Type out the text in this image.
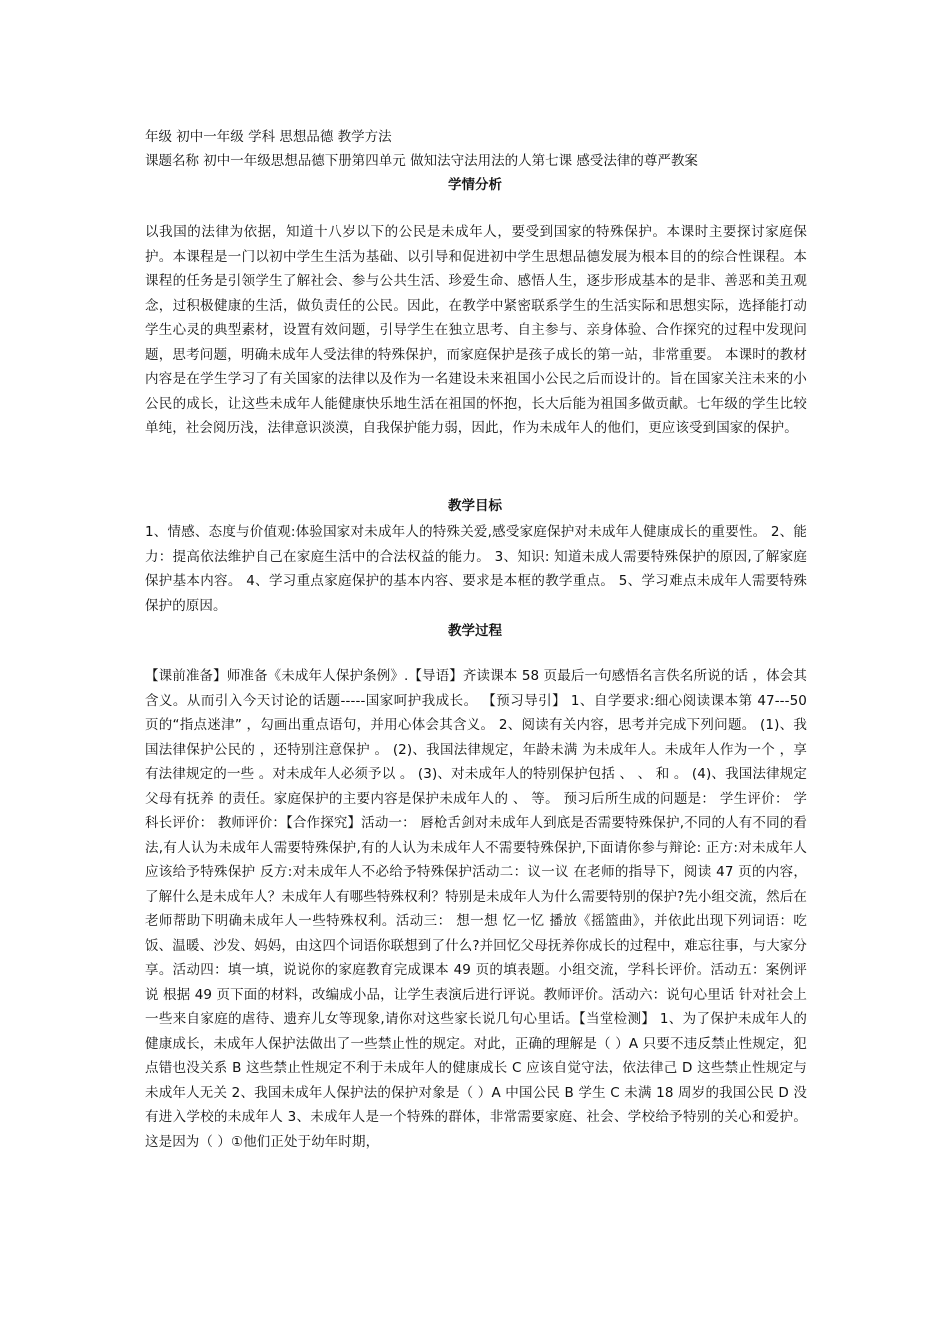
年级 初中一年级 学科 思想品德 教学方法
课题名称 初中一年级思想品德下册第四单元 做知法守法用法的人第七课 感受法律的尊严教案
学情分析
以我国的法律为依据，知道十八岁以下的公民是未成年人，要受到国家的特殊保护。本课时主要探讨家庭保护。本课程是一门以初中学生生活为基础、以引导和促进初中学生思想品德发展为根本目的的综合性课程。本课程的任务是引领学生了解社会、参与公共生活、珍爱生命、感悟人生，逐步形成基本的是非、善恶和美丑观念，过积极健康的生活，做负责任的公民。因此，在教学中紧密联系学生的生活实际和思想实际，选择能打动学生心灵的典型素材，设置有效问题，引导学生在独立思考、自主参与、亲身体验、合作探究的过程中发现问题，思考问题，明确未成年人受法律的特殊保护，而家庭保护是孩子成长的第一站，非常重要。 本课时的教材内容是在学生学习了有关国家的法律以及作为一名建设未来祖国小公民之后而设计的。旨在国家关注未来的小公民的成长，让这些未成年人能健康快乐地生活在祖国的怀抱，长大后能为祖国多做贡献。七年级的学生比较单纯，社会阅历浅，法律意识淡漠，自我保护能力弱，因此，作为未成年人的他们，更应该受到国家的保护。
教学目标
1、情感、态度与价值观:体验国家对未成年人的特殊关爱,感受家庭保护对未成年人健康成长的重要性。 2、能力：提高依法维护自己在家庭生活中的合法权益的能力。 3、知识: 知道未成人需要特殊保护的原因,了解家庭保护基本内容。 4、学习重点家庭保护的基本内容、要求是本框的教学重点。 5、学习难点未成年人需要特殊保护的原因。
教学过程
【课前准备】师准备《未成年人保护条例》.【导语】齐读课本 58 页最后一句感悟名言佚名所说的话 ，体会其含义。从而引入今天讨论的话题-----国家呵护我成长。 【预习导引】 1、自学要求:细心阅读课本第 47---50 页的“指点迷津” ，勾画出重点语句，并用心体会其含义。 2、阅读有关内容，思考并完成下列问题。 (1)、我国法律保护公民的 ，还特别注意保护 。 (2)、我国法律规定，年龄未满 为未成年人。未成年人作为一个 ，享有法律规定的一些 。对未成年人必须予以 。 (3)、对未成年人的特别保护包括 、 、 和 。 (4)、我国法律规定父母有抚养 的责任。家庭保护的主要内容是保护未成年人的 、 等。 预习后所生成的问题是： 学生评价： 学科长评价： 教师评价：【合作探究】活动一： 唇枪舌剑对未成年人到底是否需要特殊保护,不同的人有不同的看法,有人认为未成年人需要特殊保护,有的人认为未成年人不需要特殊保护,下面请你参与辩论: 正方:对未成年人应该给予特殊保护 反方:对未成年人不必给予特殊保护活动二：议一议 在老师的指导下，阅读 47 页的内容，了解什么是未成年人？未成年人有哪些特殊权利？特别是未成年人为什么需要特别的保护?先小组交流，然后在老师帮助下明确未成年人一些特殊权利。活动三： 想一想 忆一忆 播放《摇篮曲》，并依此出现下列词语：吃饭、温暖、沙发、妈妈，由这四个词语你联想到了什么?并回忆父母抚养你成长的过程中，难忘往事，与大家分享。活动四：填一填，说说你的家庭教育完成课本 49 页的填表题。小组交流，学科长评价。活动五：案例评说 根据 49 页下面的材料，改编成小品，让学生表演后进行评说。教师评价。活动六：说句心里话 针对社会上一些来自家庭的虐待、遗弃儿女等现象,请你对这些家长说几句心里话。【当堂检测】 1、为了保护未成年人的健康成长，未成年人保护法做出了一些禁止性的规定。对此，正确的理解是（ ）A 只要不违反禁止性规定，犯点错也没关系 B 这些禁止性规定不利于未成年人的健康成长 C 应该自觉守法，依法律己 D 这些禁止性规定与未成年人无关 2、我国未成年人保护法的保护对象是（ ）A 中国公民 B 学生 C 未满 18 周岁的我国公民 D 没有进入学校的未成年人 3、未成年人是一个特殊的群体，非常需要家庭、社会、学校给予特别的关心和爱护。这是因为（ ）①他们正处于幼年时期，
